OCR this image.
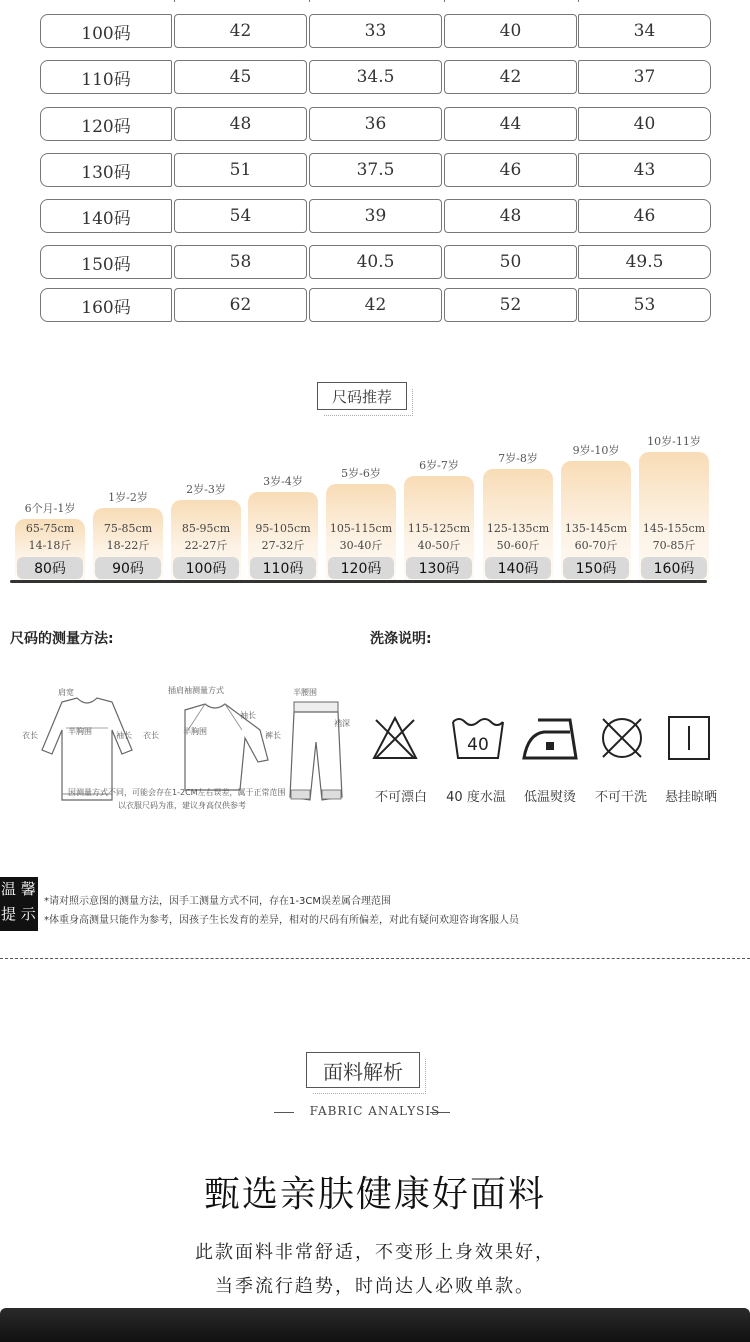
100码	42	33	40	34
110码	45	34.5	42	37
120码	48	36	44	40
130码	51	37.5	46	43
140码	54	39	48	46
150码	58	40.5	50	49.5
160码	62	42	52	53
尺码推荐
6个月-1岁
65-75cm
14-18斤
80码
1岁-2岁
75-85cm
18-22斤
90码
2岁-3岁
85-95cm
22-27斤
100码
3岁-4岁
95-105cm
27-32斤
110码
5岁-6岁
105-115cm
30-40斤
120码
6岁-7岁
115-125cm
40-50斤
130码
7岁-8岁
125-135cm
50-60斤
140码
9岁-10岁
135-145cm
60-70斤
150码
10岁-11岁
145-155cm
70-85斤
160码
尺码的测量方法:
肩宽
半胸围
衣长	袖长
插肩袖测量方式
半胸围
衣长
袖长
半腰围
裤长
裆深
因测量方式不同，可能会存在1-2CM左右误差，属于正常范围
以衣服尺码为准，建议身高仅供参考
洗涤说明:
40
不可漂白	40 度水温	低温熨烫	不可干洗	悬挂晾晒
温 馨
提 示
*请对照示意图的测量方法，因手工测量方式不同，存在1-3CM误差属合理范围
*体重身高测量只能作为参考，因孩子生长发育的差异，相对的尺码有所偏差，对此有疑问欢迎咨询客服人员
面料解析
FABRIC ANALYSIS
甄选亲肤健康好面料
此款面料非常舒适，不变形上身效果好，
当季流行趋势，时尚达人必败单款。
